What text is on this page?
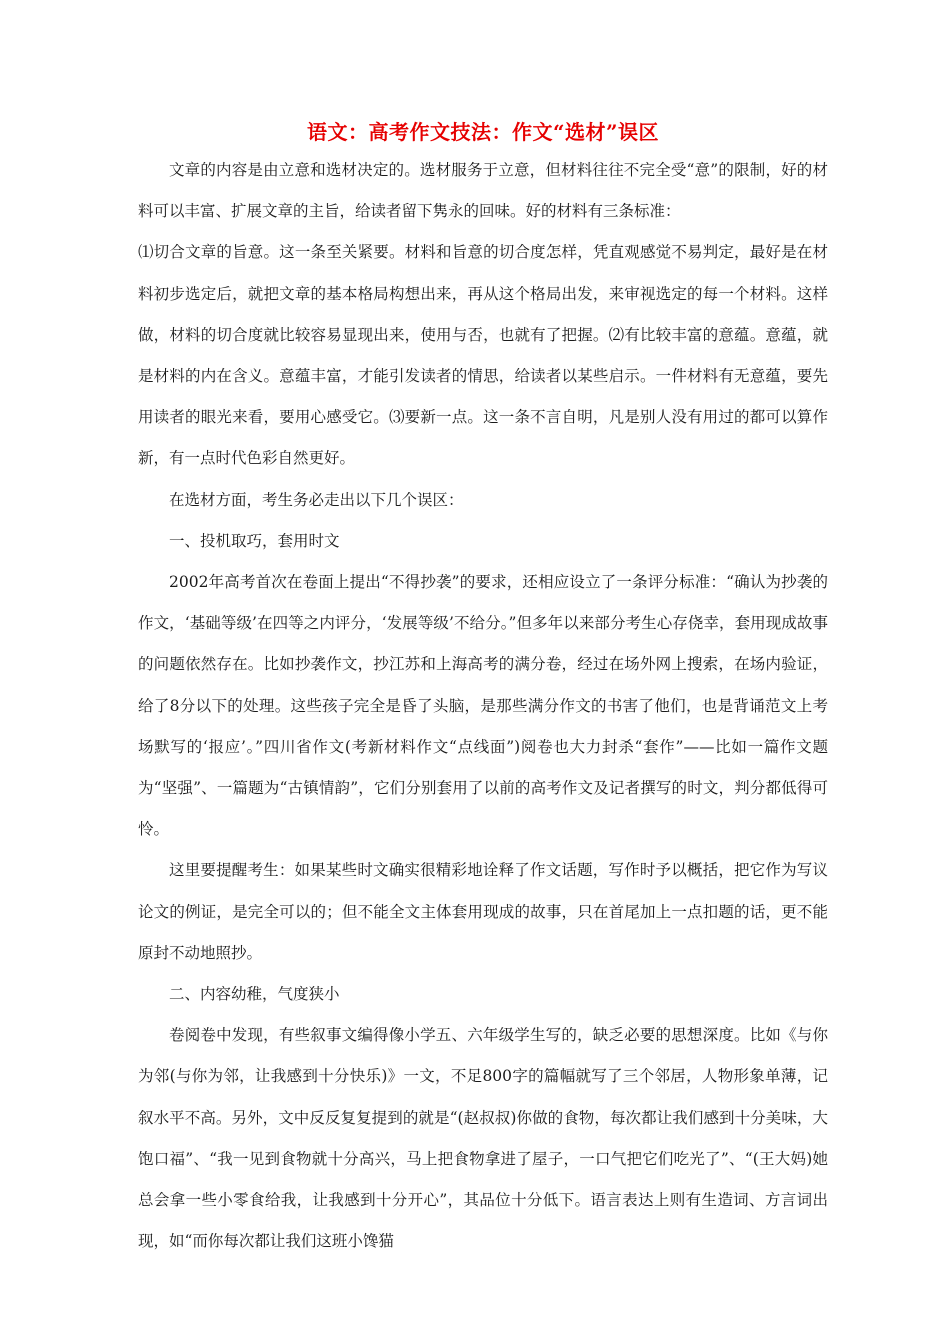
语文：高考作文技法：作文“选材”误区

文章的内容是由立意和选材决定的。选材服务于立意，但材料往往不完全受“意”的限制，好的材料可以丰富、扩展文章的主旨，给读者留下隽永的回味。好的材料有三条标准：

⑴切合文章的旨意。这一条至关紧要。材料和旨意的切合度怎样，凭直观感觉不易判定，最好是在材料初步选定后，就把文章的基本格局构想出来，再从这个格局出发，来审视选定的每一个材料。这样做，材料的切合度就比较容易显现出来，使用与否，也就有了把握。⑵有比较丰富的意蕴。意蕴，就是材料的内在含义。意蕴丰富，才能引发读者的情思，给读者以某些启示。一件材料有无意蕴，要先用读者的眼光来看，要用心感受它。⑶要新一点。这一条不言自明，凡是别人没有用过的都可以算作新，有一点时代色彩自然更好。

在选材方面，考生务必走出以下几个误区：

一、投机取巧，套用时文

2002年高考首次在卷面上提出“不得抄袭”的要求，还相应设立了一条评分标准：“确认为抄袭的作文，‘基础等级’在四等之内评分，‘发展等级’不给分。”但多年以来部分考生心存侥幸，套用现成故事的问题依然存在。比如抄袭作文，抄江苏和上海高考的满分卷，经过在场外网上搜索，在场内验证，给了8分以下的处理。这些孩子完全是昏了头脑，是那些满分作文的书害了他们，也是背诵范文上考场默写的‘报应’。”四川省作文(考新材料作文“点线面”)阅卷也大力封杀“套作”——比如一篇作文题为“坚强”、一篇题为“古镇情韵”，它们分别套用了以前的高考作文及记者撰写的时文，判分都低得可怜。

这里要提醒考生：如果某些时文确实很精彩地诠释了作文话题，写作时予以概括，把它作为写议论文的例证，是完全可以的；但不能全文主体套用现成的故事，只在首尾加上一点扣题的话，更不能原封不动地照抄。

二、内容幼稚，气度狭小

卷阅卷中发现，有些叙事文编得像小学五、六年级学生写的，缺乏必要的思想深度。比如《与你为邻(与你为邻，让我感到十分快乐)》一文，不足800字的篇幅就写了三个邻居，人物形象单薄，记叙水平不高。另外，文中反反复复提到的就是“(赵叔叔)你做的食物，每次都让我们感到十分美味，大饱口福”、“我一见到食物就十分高兴，马上把食物拿进了屋子，一口气把它们吃光了”、“(王大妈)她总会拿一些小零食给我，让我感到十分开心”，其品位十分低下。语言表达上则有生造词、方言词出现，如“而你每次都让我们这班小馋猫
